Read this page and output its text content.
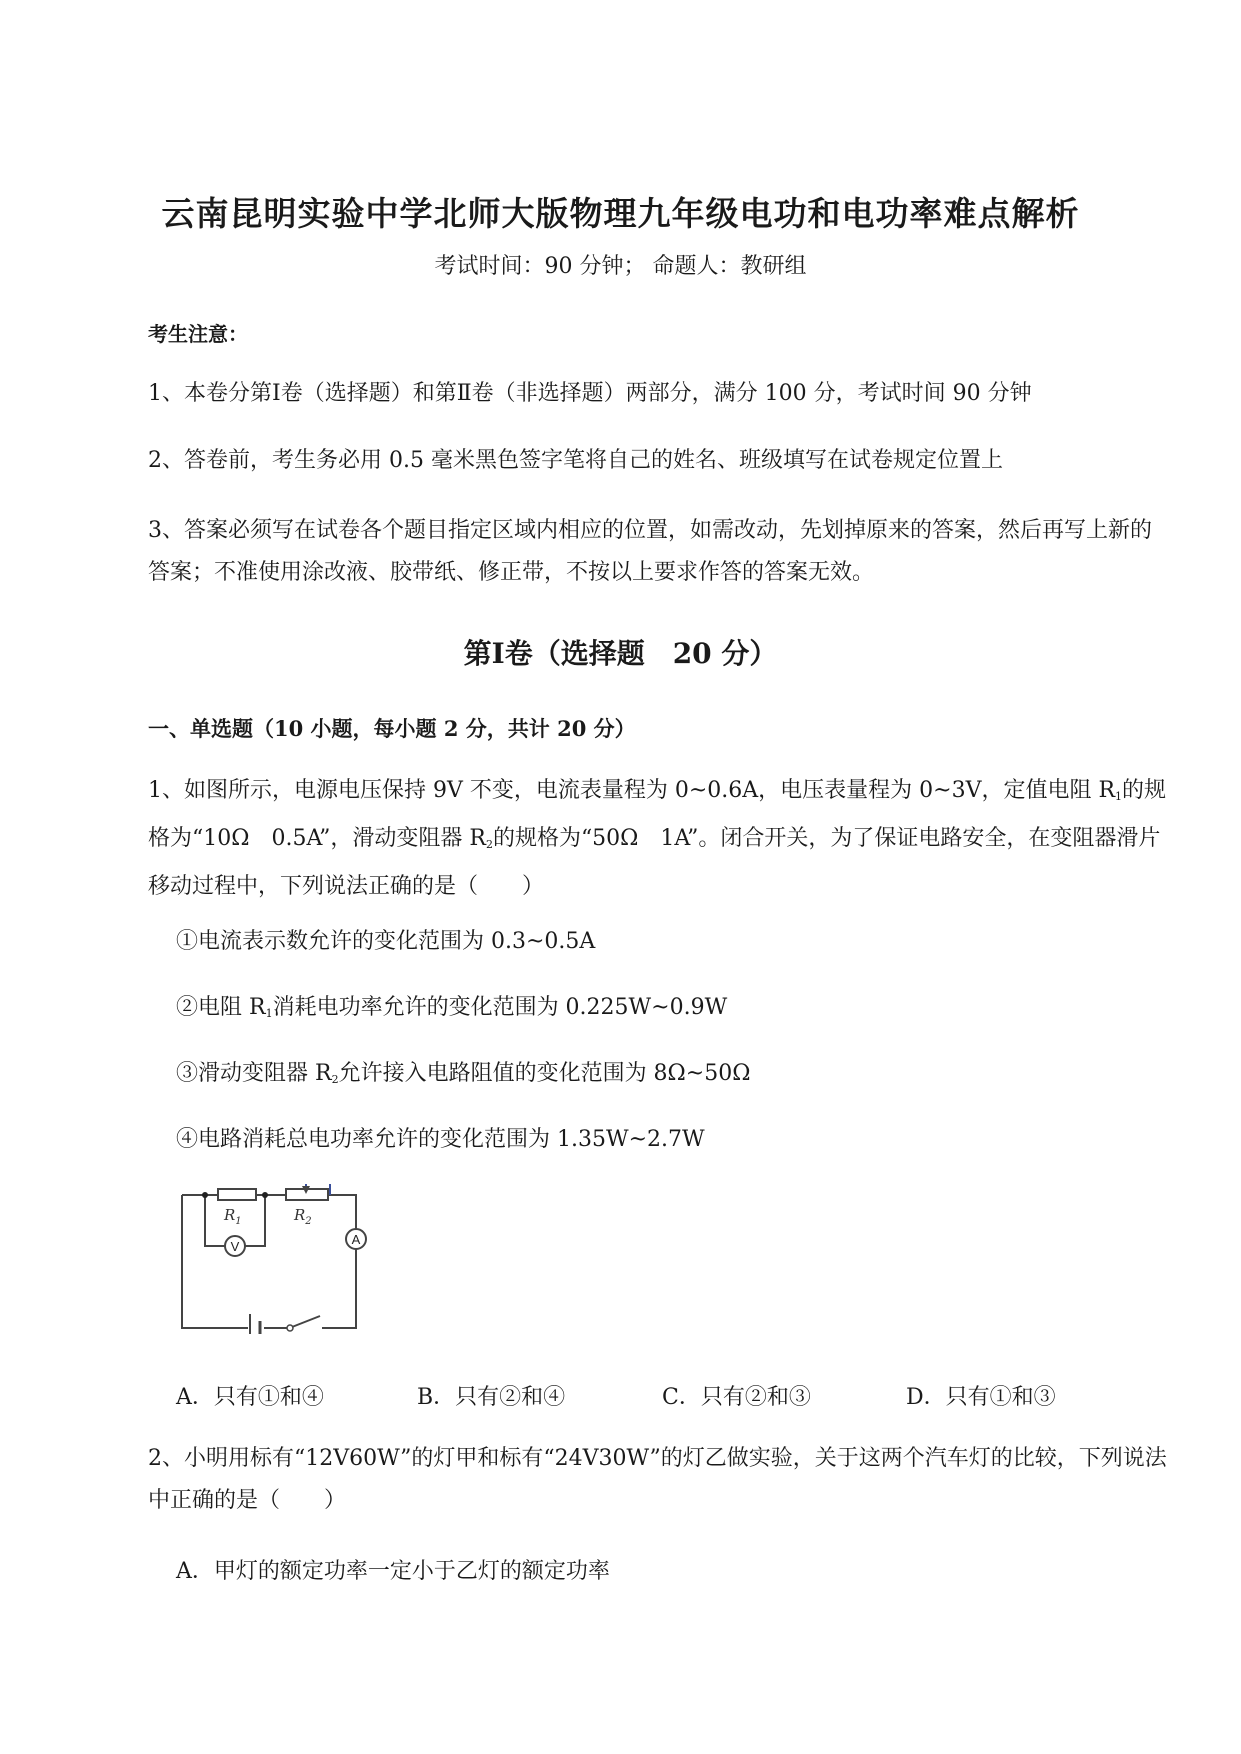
云南昆明实验中学北师大版物理九年级电功和电功率难点解析
考试时间：90 分钟； 命题人：教研组
考生注意：
1、本卷分第Ⅰ卷（选择题）和第Ⅱ卷（非选择题）两部分，满分 100 分，考试时间 90 分钟
2、答卷前，考生务必用 0.5 毫米黑色签字笔将自己的姓名、班级填写在试卷规定位置上
3、答案必须写在试卷各个题目指定区域内相应的位置，如需改动，先划掉原来的答案，然后再写上新的答案；不准使用涂改液、胶带纸、修正带，不按以上要求作答的答案无效。
第Ⅰ卷（选择题　20 分）
一、单选题（10 小题，每小题 2 分，共计 20 分）
1、如图所示，电源电压保持 9V 不变，电流表量程为 0~0.6A，电压表量程为 0~3V，定值电阻 $R_1$的规格为“10Ω　0.5A”，滑动变阻器 $R_2$的规格为“50Ω　1A”。闭合开关，为了保证电路安全，在变阻器滑片移动过程中，下列说法正确的是（　　）
①电流表示数允许的变化范围为 0.3~0.5A
②电阻 $R_1$消耗电功率允许的变化范围为 0.225W~0.9W
③滑动变阻器 $R_2$允许接入电路阻值的变化范围为 8Ω~50Ω
④电路消耗总电功率允许的变化范围为 1.35W~2.7W
V	A
$R_1$	$R_2$
A．只有①和④	B．只有②和④	C．只有②和③	D．只有①和③
2、小明用标有“12V60W”的灯甲和标有“24V30W”的灯乙做实验，关于这两个汽车灯的比较，下列说法中正确的是（　　）
A．甲灯的额定功率一定小于乙灯的额定功率
